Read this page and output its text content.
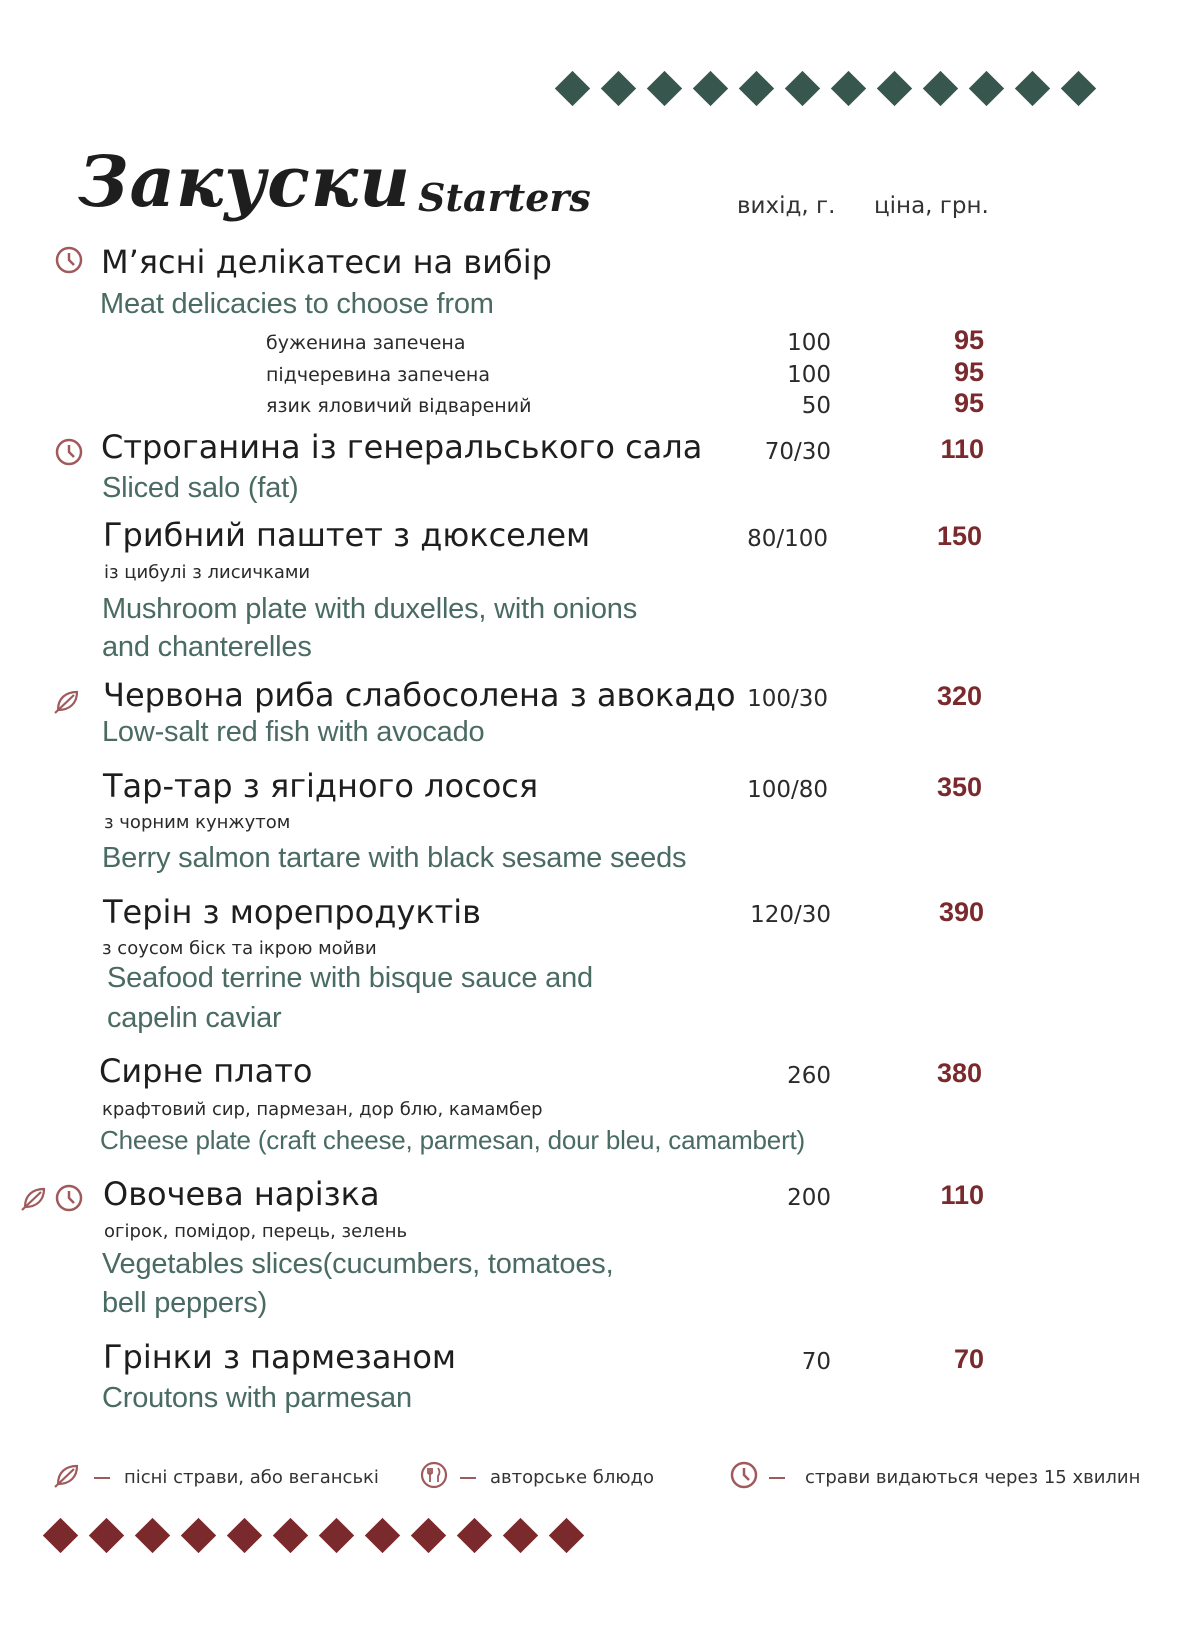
Закуски Starters	вихід, г. ціна, грн.
М’ясні делікатеси на вибір
Meat delicacies to choose from
буженина запечена	100	95
підчеревина запечена	100	95
язик яловичий відварений	50	95
Строганина із генеральського сала
Sliced salo (fat)
70/30	110
Грибний паштет з дюкселем
із цибулі з лисичками
80/100	150
Mushroom plate with duxelles, with onions
and chanterelles
Червона риба слабосолена з авокадо
Low-salt red fish with avocado
100/30	320
Тар-тар з ягідного лосося
з чорним кунжутом
Berry salmon tartare with black sesame seeds
100/80	350
Терін з морепродуктів
з соусом біск та ікрою мойви
Seafood terrine with bisque sauce and
capelin caviar
120/30	390
Сирне плато
крафтовий сир, пармезан, дор блю, камамбер
Cheese plate (craft cheese, parmesan, dour bleu, camambert)
260	380
Овочева нарізка
огірок, помідор, перець, зелень
Vegetables slices(cucumbers, tomatoes,
bell peppers)
200	110
Грінки з пармезаном
Croutons with parmesan
70	70
пісні страви, або веганські	авторське блюдо	страви видаються через 15 хвилин
